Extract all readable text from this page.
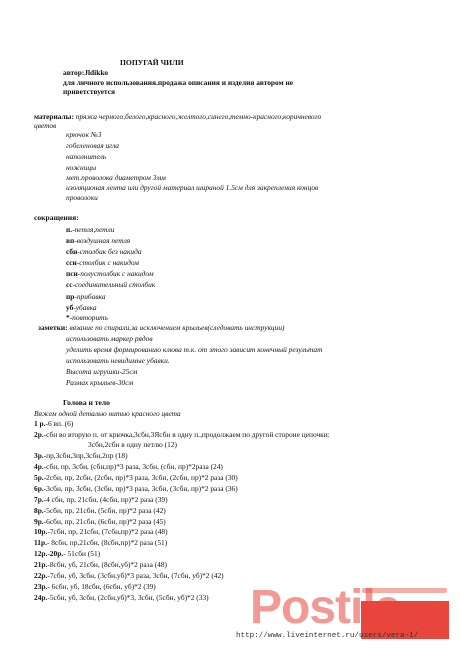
ПОПУГАЙ ЧИЛИ
автор:Jldikko
для личного использования.продажа описания и изделия автором не
приветствуется
материалы: пряжа черного,белого,красного,желтого,синего,темно-красного,коричневого
цветов
крючок №3
гобеленовая игла
наполнитель
ножницы
мет.проволока диаметром 3мм
изоляционая лента или другой материал шириной 1.5см для закрепления концов
проволоки
сокращения:
п.-петля,петли
вп-воздушная петля
сбн-столбик без накида
ссн-столбик с накидом
псн-полустолбик с накидом
сс-соединительный столбик
пр-прибавка
уб-убавка
*-повторить
заметки: вязание по спирали,за исключением крыльев(следовать инструкции)
использовать маркер рядов
уделить время формированию клюва т.к. от этого зависит конечный результат
использовать невидимые убавки.
Высота игрушки-25см
Размах крыльев-30см
Голова и тело
Вяжем одной деталью нитью красного цвета
1 р.-6 вп. (6)
2р.-сбн во вторую п. от крючка,3сбн,3Ясбн в одну п.,продолжаем по другой стороне цепочки:
3сбн,2сбн в одну петлю (12)
3р.-пр,3сбн,3пр,3сбн,2пр (18)
4р.-сбн, пр, 3сбн, (сбн,пр)*3 раза, 3сбн, (сбн, пр)*2раза (24)
5р.-2сбн, пр, 2сбн, (2сбн, пр)*3 раза, 3сбн, (2сбн, пр)*2 раза (30)
6р.-3сбн, пр, 3сбн, (3сбн, пр)*3 раза, 3сбн, (3сбн, пр)*2 раза (36)
7р.-4 сбн, пр, 21сбн, (4сбн, пр)*2 раза (39)
8р.-5сбн, пр, 21сбн, (5сбн, пр)*2 раза (42)
9р.-6сбн, пр, 21сбн, (6сбн, пр)*2 раза (45)
10р.-7сбн, пр, 21сбн, (7сбн,пр)*2 раза (48)
11р.- 8сбн, пр,21сбн, (8сбн,пр)*2 раза (51)
12р.-20р.- 51сбн (51)
21р.-8сбн, уб, 21сбн, (8сбн,уб)*2 раза (48)
22р.-7сбн, уб, 3сбн, (3сбн,уб)*3 раза, 3сбн, (7сбн, уб)*2 (42)
23р.- 6сбн, уб, 18сбн, (6сбн, уб)*2 (39)
24р.-5сбн, уб, 3сбн, (2сбн,уб)*3, 3сбн, (5сбн, уб)*2 (33) Postila
http://www.liveinternet.ru/users/vera-1/
